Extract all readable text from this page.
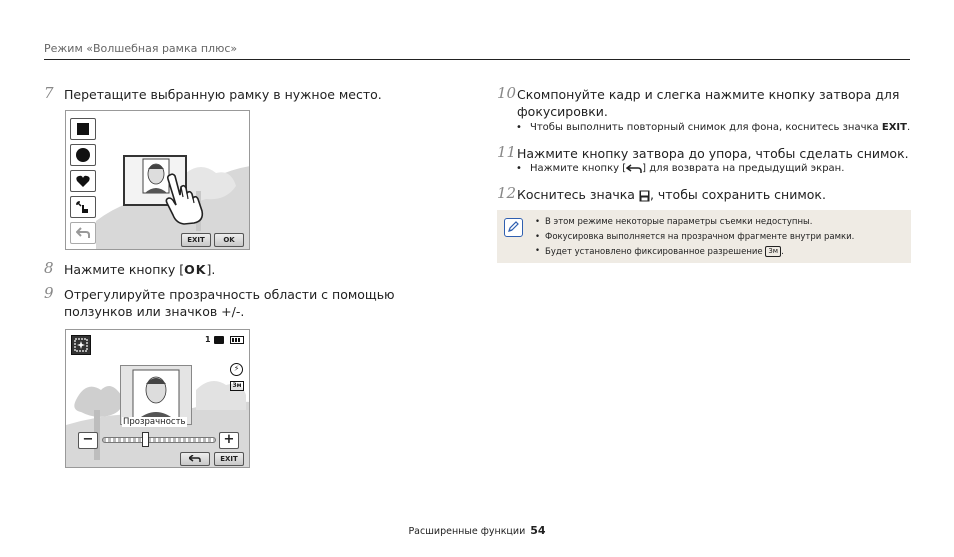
Режим «Волшебная рамка плюс»
7 Перетащите выбранную рамку в нужное место.
EXIT	OK
8 Нажмите кнопку [OK].
9 Отрегулируйте прозрачность области с помощью ползунков или значков +/-.
1
⚡
3м
Прозрачность
−	+
EXIT
10 Скомпонуйте кадр и слегка нажмите кнопку затвора для фокусировки.
• Чтобы выполнить повторный снимок для фона, коснитесь значка EXIT.
11 Нажмите кнопку затвора до упора, чтобы сделать снимок.
• Нажмите кнопку [ ] для возврата на предыдущий экран.
12 Коснитесь значка , чтобы сохранить снимок.
• В этом режиме некоторые параметры съемки недоступны.
• Фокусировка выполняется на прозрачном фрагменте внутри рамки.
• Будет установлено фиксированное разрешение 3м .
Расширенные функции 54
